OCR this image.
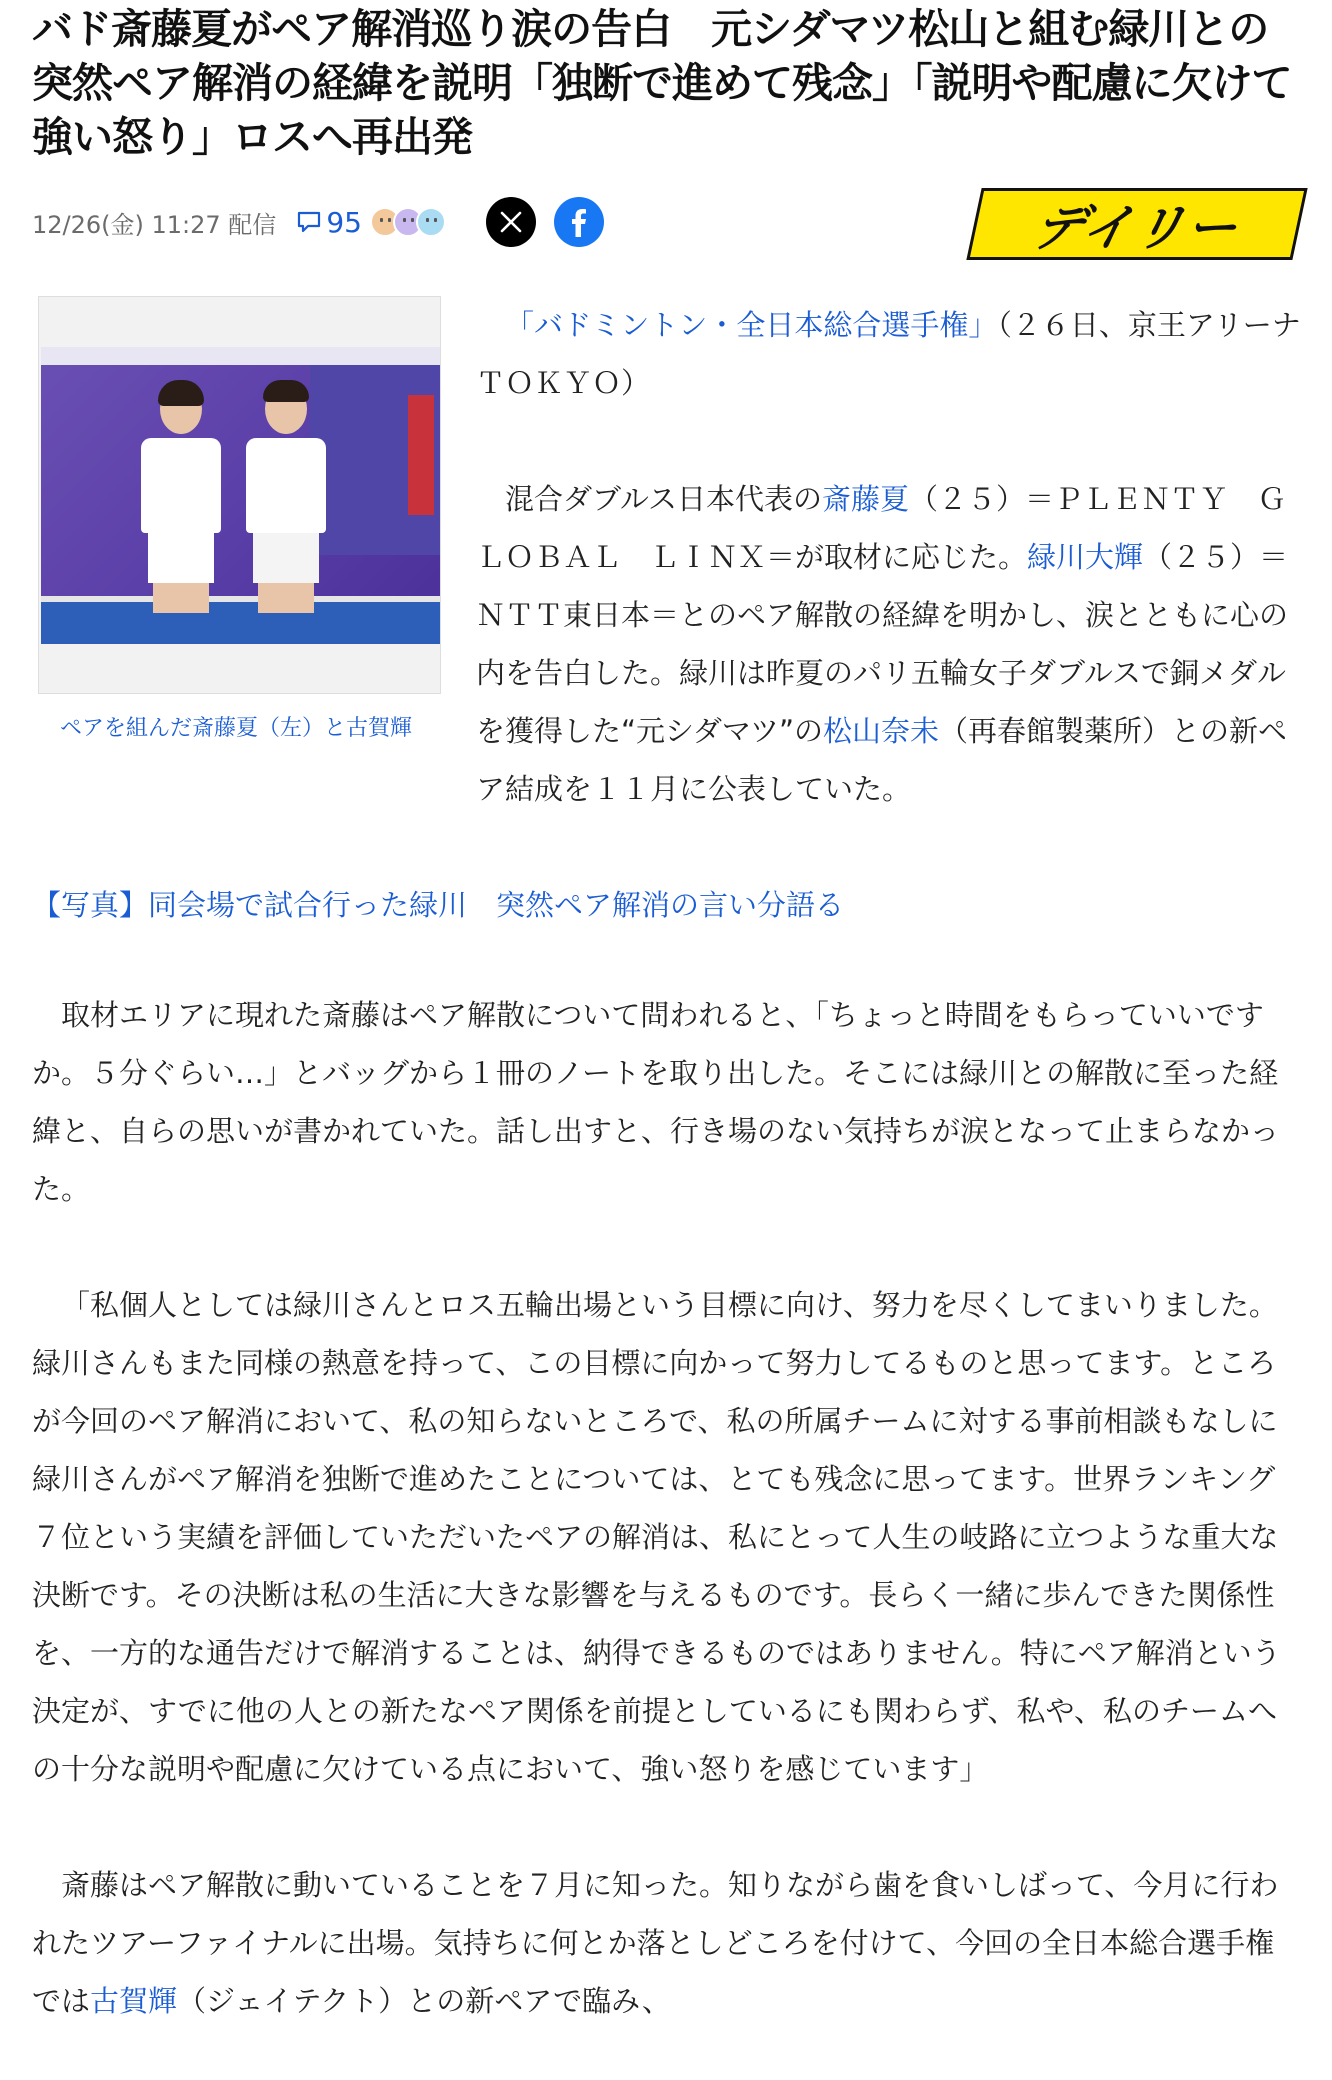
バド斎藤夏がペア解消巡り涙の告白　元シダマツ松山と組む緑川との突然ペア解消の経緯を説明「独断で進めて残念」「説明や配慮に欠けて強い怒り」ロスへ再出発
12/26(金) 11:27 配信 95	デイリー

ペアを組んだ斎藤夏（左）と古賀輝

「バドミントン・全日本総合選手権」（２６日、京王アリーナＴＯＫＹＯ）

混合ダブルス日本代表の斎藤夏（２５）＝ＰＬＥＮＴＹ　ＧＬＯＢＡＬ　ＬＩＮＸ＝が取材に応じた。緑川大輝（２５）＝ＮＴＴ東日本＝とのペア解散の経緯を明かし、涙とともに心の内を告白した。緑川は昨夏のパリ五輪女子ダブルスで銅メダルを獲得した“元シダマツ”の松山奈未（再春館製薬所）との新ペア結成を１１月に公表していた。

【写真】同会場で試合行った緑川　突然ペア解消の言い分語る

取材エリアに現れた斎藤はペア解散について問われると、「ちょっと時間をもらっていいですか。５分ぐらい…」とバッグから１冊のノートを取り出した。そこには緑川との解散に至った経緯と、自らの思いが書かれていた。話し出すと、行き場のない気持ちが涙となって止まらなかった。

「私個人としては緑川さんとロス五輪出場という目標に向け、努力を尽くしてまいりました。緑川さんもまた同様の熱意を持って、この目標に向かって努力してるものと思ってます。ところが今回のペア解消において、私の知らないところで、私の所属チームに対する事前相談もなしに緑川さんがペア解消を独断で進めたことについては、とても残念に思ってます。世界ランキング７位という実績を評価していただいたペアの解消は、私にとって人生の岐路に立つような重大な決断です。その決断は私の生活に大きな影響を与えるものです。長らく一緒に歩んできた関係性を、一方的な通告だけで解消することは、納得できるものではありません。特にペア解消という決定が、すでに他の人との新たなペア関係を前提としているにも関わらず、私や、私のチームへの十分な説明や配慮に欠けている点において、強い怒りを感じています」

斎藤はペア解散に動いていることを７月に知った。知りながら歯を食いしばって、今月に行われたツアーファイナルに出場。気持ちに何とか落としどころを付けて、今回の全日本総合選手権では古賀輝（ジェイテクト）との新ペアで臨み、
